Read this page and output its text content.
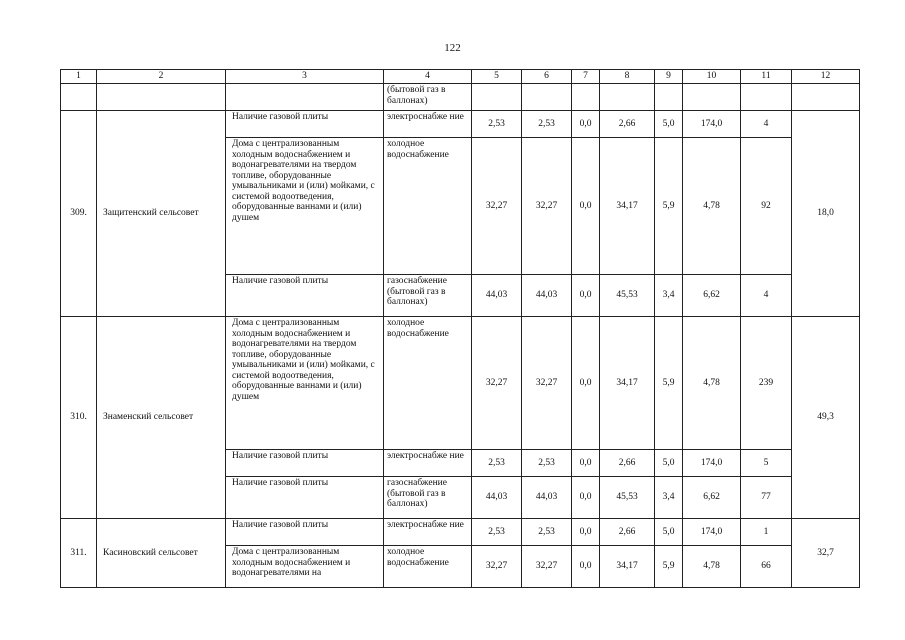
122
1	2	3	4	5	6	7	8	9	10	11	12
			(бытовой газ в баллонах)								
309.	Защитенский сельсовет	Наличие газовой плиты	электроснабже ние	2,53	2,53	0,0	2,66	5,0	174,0	4	18,0
		Дома с централизованным холодным водоснабжением и водонагревателями на твердом топливе, оборудованные умывальниками и (или) мойками, с системой водоотведения, оборудованные ваннами и (или) душем	холодное водоснабжение	32,27	32,27	0,0	34,17	5,9	4,78	92	
		Наличие газовой плиты	газоснабжение (бытовой газ в баллонах)	44,03	44,03	0,0	45,53	3,4	6,62	4	
310.	Знаменский сельсовет	Дома с централизованным холодным водоснабжением и водонагревателями на твердом топливе, оборудованные умывальниками и (или) мойками, с системой водоотведения, оборудованные ваннами и (или) душем	холодное водоснабжение	32,27	32,27	0,0	34,17	5,9	4,78	239	49,3
		Наличие газовой плиты	электроснабже ние	2,53	2,53	0,0	2,66	5,0	174,0	5	
		Наличие газовой плиты	газоснабжение (бытовой газ в баллонах)	44,03	44,03	0,0	45,53	3,4	6,62	77	
311.	Касиновский сельсовет	Наличие газовой плиты	электроснабже ние	2,53	2,53	0,0	2,66	5,0	174,0	1	32,7
		Дома с централизованным холодным водоснабжением и водонагревателями на	холодное водоснабжение	32,27	32,27	0,0	34,17	5,9	4,78	66	
